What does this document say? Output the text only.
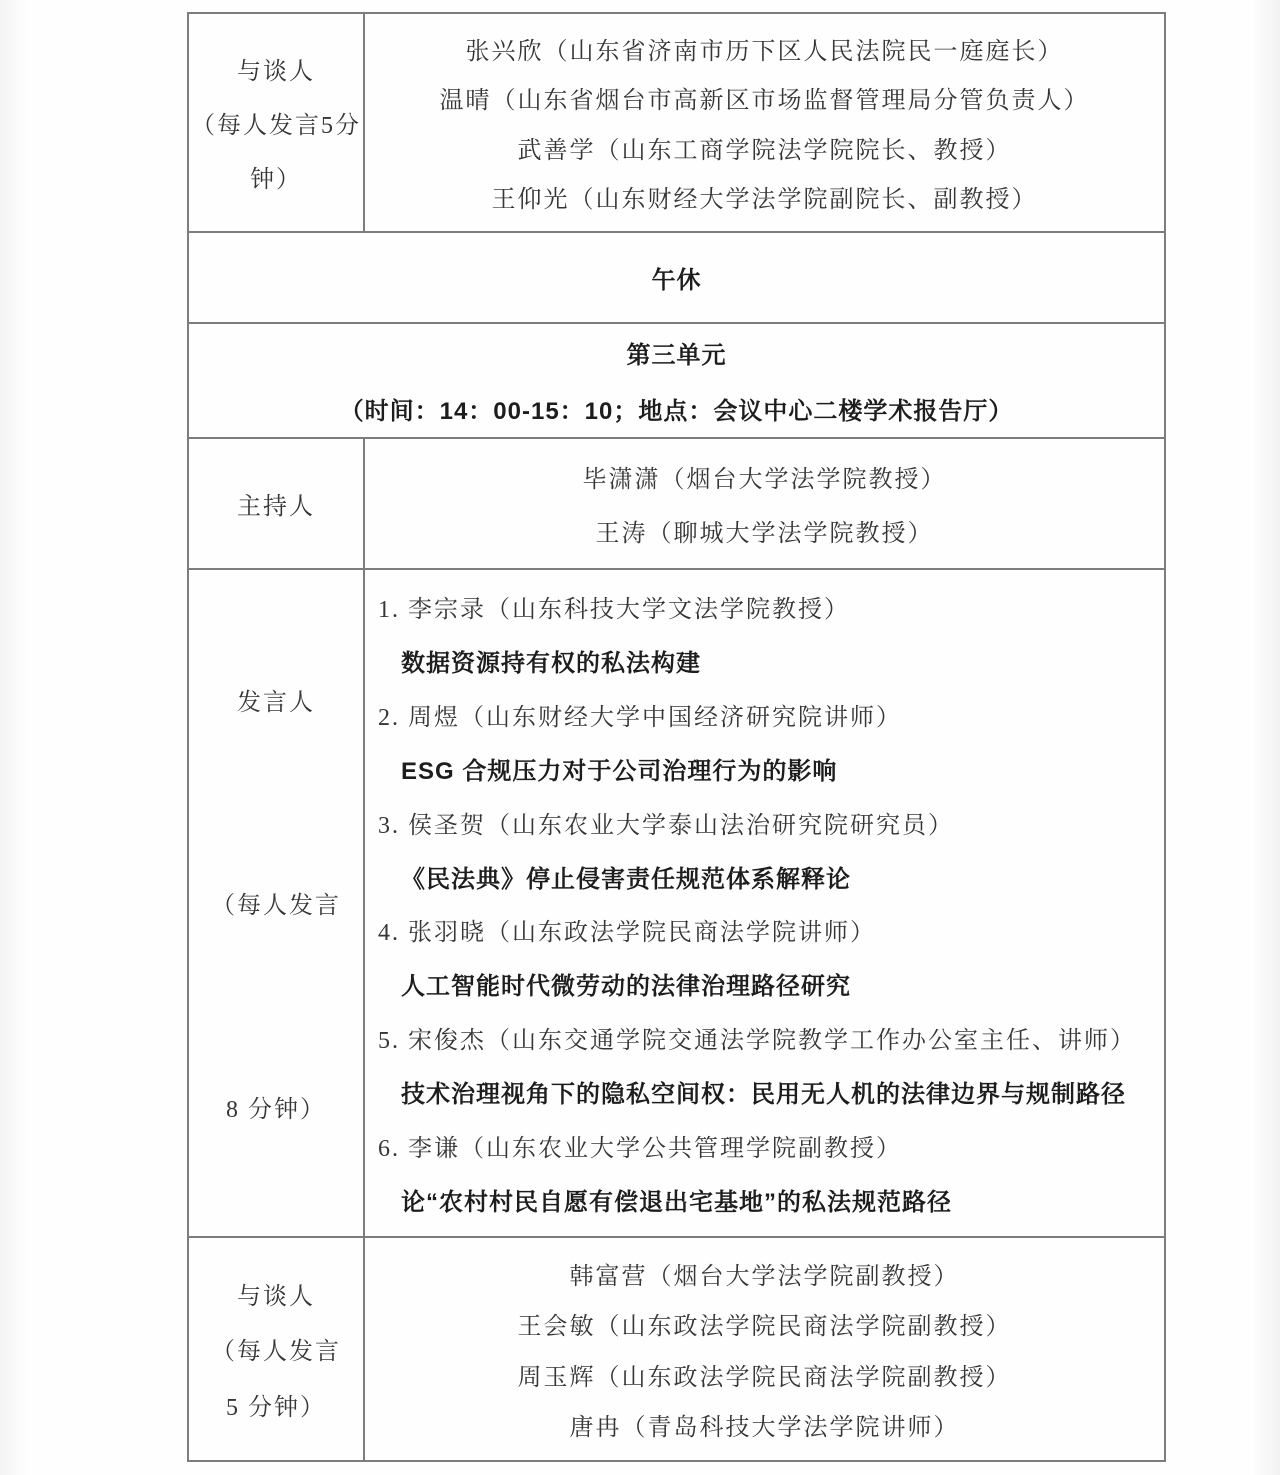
与谈人
（每人发言5分
钟）
张兴欣（山东省济南市历下区人民法院民一庭庭长）
温晴（山东省烟台市高新区市场监督管理局分管负责人）
武善学（山东工商学院法学院院长、教授）
王仰光（山东财经大学法学院副院长、副教授）
午休
第三单元
（时间：14：00-15：10；地点：会议中心二楼学术报告厅）
主持人
毕潇潇（烟台大学法学院教授）
王涛（聊城大学法学院教授）
发言人
（每人发言
8 分钟）
1. 李宗录（山东科技大学文法学院教授）
数据资源持有权的私法构建
2. 周煜（山东财经大学中国经济研究院讲师）
ESG 合规压力对于公司治理行为的影响
3. 侯圣贺（山东农业大学泰山法治研究院研究员）
《民法典》停止侵害责任规范体系解释论
4. 张羽晓（山东政法学院民商法学院讲师）
人工智能时代微劳动的法律治理路径研究
5. 宋俊杰（山东交通学院交通法学院教学工作办公室主任、讲师）
技术治理视角下的隐私空间权：民用无人机的法律边界与规制路径
6. 李谦（山东农业大学公共管理学院副教授）
论“农村村民自愿有偿退出宅基地”的私法规范路径
与谈人
（每人发言
5 分钟）
韩富营（烟台大学法学院副教授）
王会敏（山东政法学院民商法学院副教授）
周玉辉（山东政法学院民商法学院副教授）
唐冉（青岛科技大学法学院讲师）
